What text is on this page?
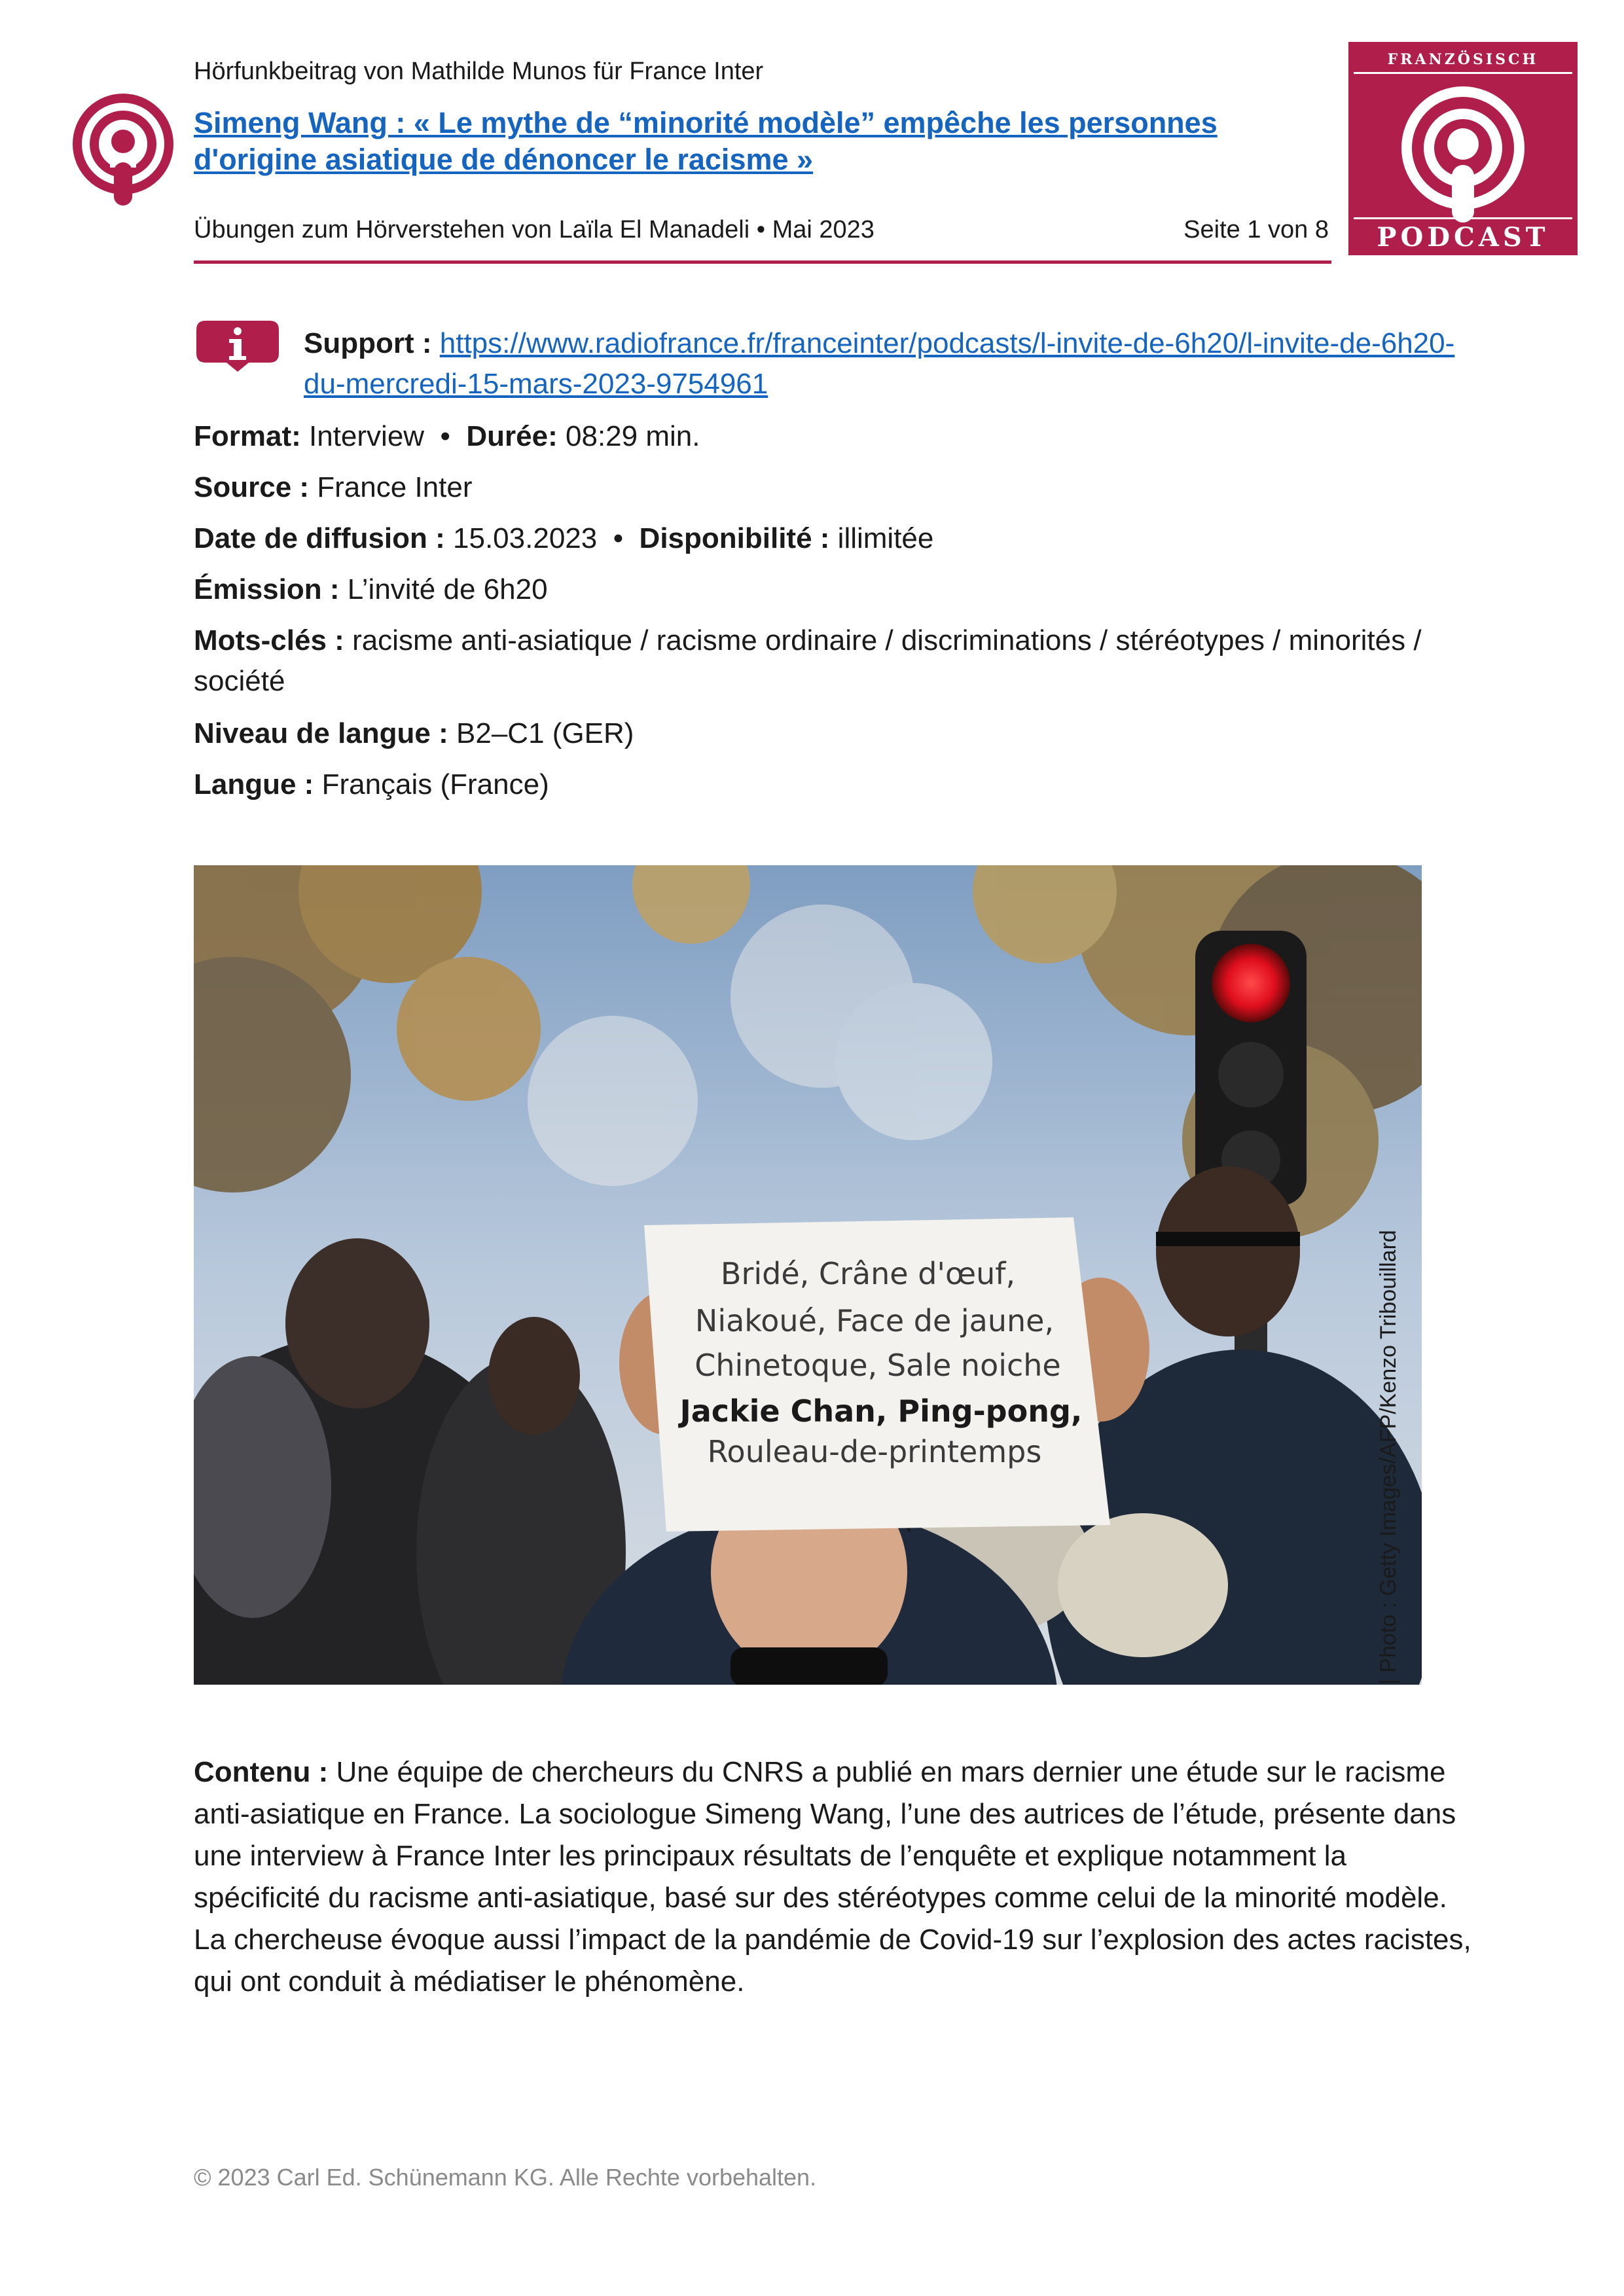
Hörfunkbeitrag von Mathilde Munos für France Inter
Simeng Wang : « Le mythe de “minorité modèle” empêche les personnes d'origine asiatique de dénoncer le racisme »
Übungen zum Hörverstehen von Laïla El Manadeli • Mai 2023	Seite 1 von 8
FRANZÖSISCH
PODCAST
Support : https://www.radiofrance.fr/franceinter/podcasts/l-invite-de-6h20/l-invite-de-6h20-du-mercredi-15-mars-2023-9754961
Format: Interview • Durée: 08:29 min.
Source : France Inter
Date de diffusion : 15.03.2023 • Disponibilité : illimitée
Émission : L’invité de 6h20
Mots-clés : racisme anti-asiatique / racisme ordinaire / discriminations / stéréotypes / minorités / société
Niveau de langue : B2–C1 (GER)
Langue : Français (France)
Bridé, Crâne d'œuf,
Niakoué, Face de jaune,
Chinetoque, Sale noiche
Jackie Chan, Ping-pong,
Rouleau-de-printemps	| Photo : Getty Images/AFP/Kenzo Tribouillard
Contenu : Une équipe de chercheurs du CNRS a publié en mars dernier une étude sur le racisme anti-asiatique en France. La sociologue Simeng Wang, l’une des autrices de l’étude, présente dans une interview à France Inter les principaux résultats de l’enquête et explique notamment la spécificité du racisme anti-asiatique, basé sur des stéréotypes comme celui de la minorité modèle. La chercheuse évoque aussi l’impact de la pandémie de Covid-19 sur l’explosion des actes racistes, qui ont conduit à médiatiser le phénomène.
© 2023 Carl Ed. Schünemann KG. Alle Rechte vorbehalten.
